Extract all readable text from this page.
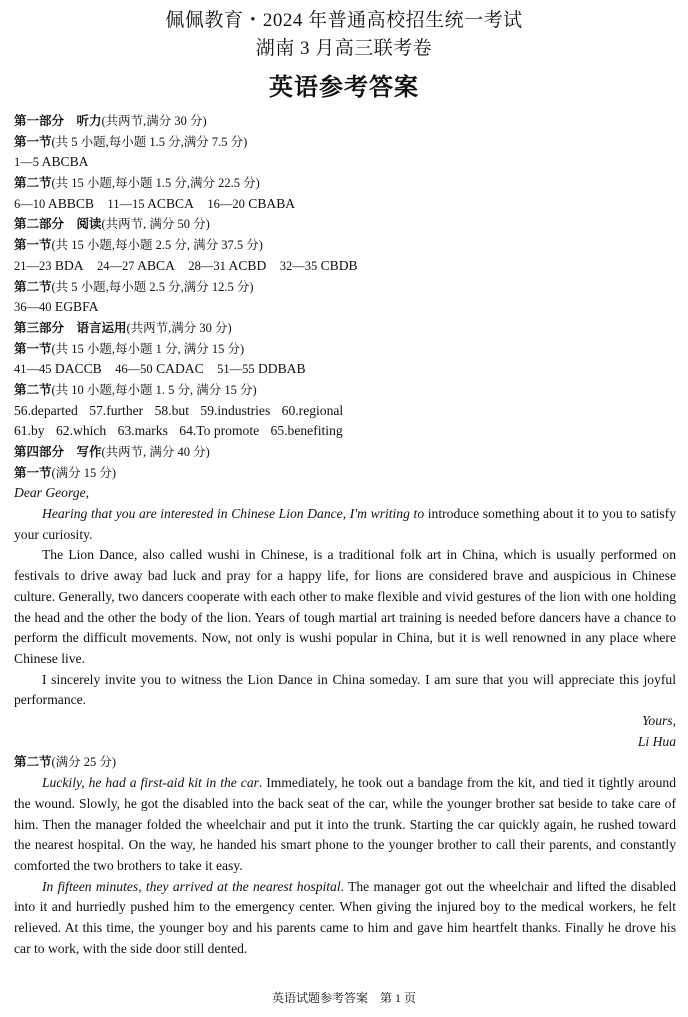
佩佩教育・2024 年普通高校招生统一考试
湖南 3 月高三联考卷
英语参考答案
第一部分　听力(共两节,满分 30 分)
第一节(共 5 小题,每小题 1.5 分,满分 7.5 分)
1—5 ABCBA
第二节(共 15 小题,每小题 1.5 分,满分 22.5 分)
6—10 ABBCB 11—15 ACBCA 16—20 CBABA
第二部分　阅读(共两节, 满分 50 分)
第一节(共 15 小题,每小题 2.5 分, 满分 37.5 分)
21—23 BDA 24—27 ABCA 28—31 ACBD 32—35 CBDB
第二节(共 5 小题,每小题 2.5 分,满分 12.5 分)
36—40 EGBFA
第三部分　语言运用(共两节,满分 30 分)
第一节(共 15 小题,每小题 1 分, 满分 15 分)
41—45 DACCB 46—50 CADAC 51—55 DDBAB
第二节(共 10 小题,每小题 1. 5 分, 满分 15 分)
56.departed 57.further 58.but 59.industries 60.regional
61.by 62.which 63.marks 64.To promote 65.benefiting
第四部分　写作(共两节, 满分 40 分)
第一节(满分 15 分)
Dear George,

Hearing that you are interested in Chinese Lion Dance, I'm writing to introduce something about it to you to satisfy your curiosity.

The Lion Dance, also called wushi in Chinese, is a traditional folk art in China, which is usually performed on festivals to drive away bad luck and pray for a happy life, for lions are considered brave and auspicious in Chinese culture. Generally, two dancers cooperate with each other to make flexible and vivid gestures of the lion with one holding the head and the other the body of the lion. Years of tough martial art training is needed before dancers have a chance to perform the difficult movements. Now, not only is wushi popular in China, but it is well renowned in any place where Chinese live.

I sincerely invite you to witness the Lion Dance in China someday. I am sure that you will appreciate this joyful performance.

Yours,
Li Hua
第二节(满分 25 分)

Luckily, he had a first-aid kit in the car. Immediately, he took out a bandage from the kit, and tied it tightly around the wound. Slowly, he got the disabled into the back seat of the car, while the younger brother sat beside to take care of him. Then the manager folded the wheelchair and put it into the trunk. Starting the car quickly again, he rushed toward the nearest hospital. On the way, he handed his smart phone to the younger brother to call their parents, and constantly comforted the two brothers to take it easy.

In fifteen minutes, they arrived at the nearest hospital. The manager got out the wheelchair and lifted the disabled into it and hurriedly pushed him to the emergency center. When giving the injured boy to the medical workers, he felt relieved. At this time, the younger boy and his parents came to him and gave him heartfelt thanks. Finally he drove his car to work, with the side door still dented.

英语试题参考答案　第 1 页
